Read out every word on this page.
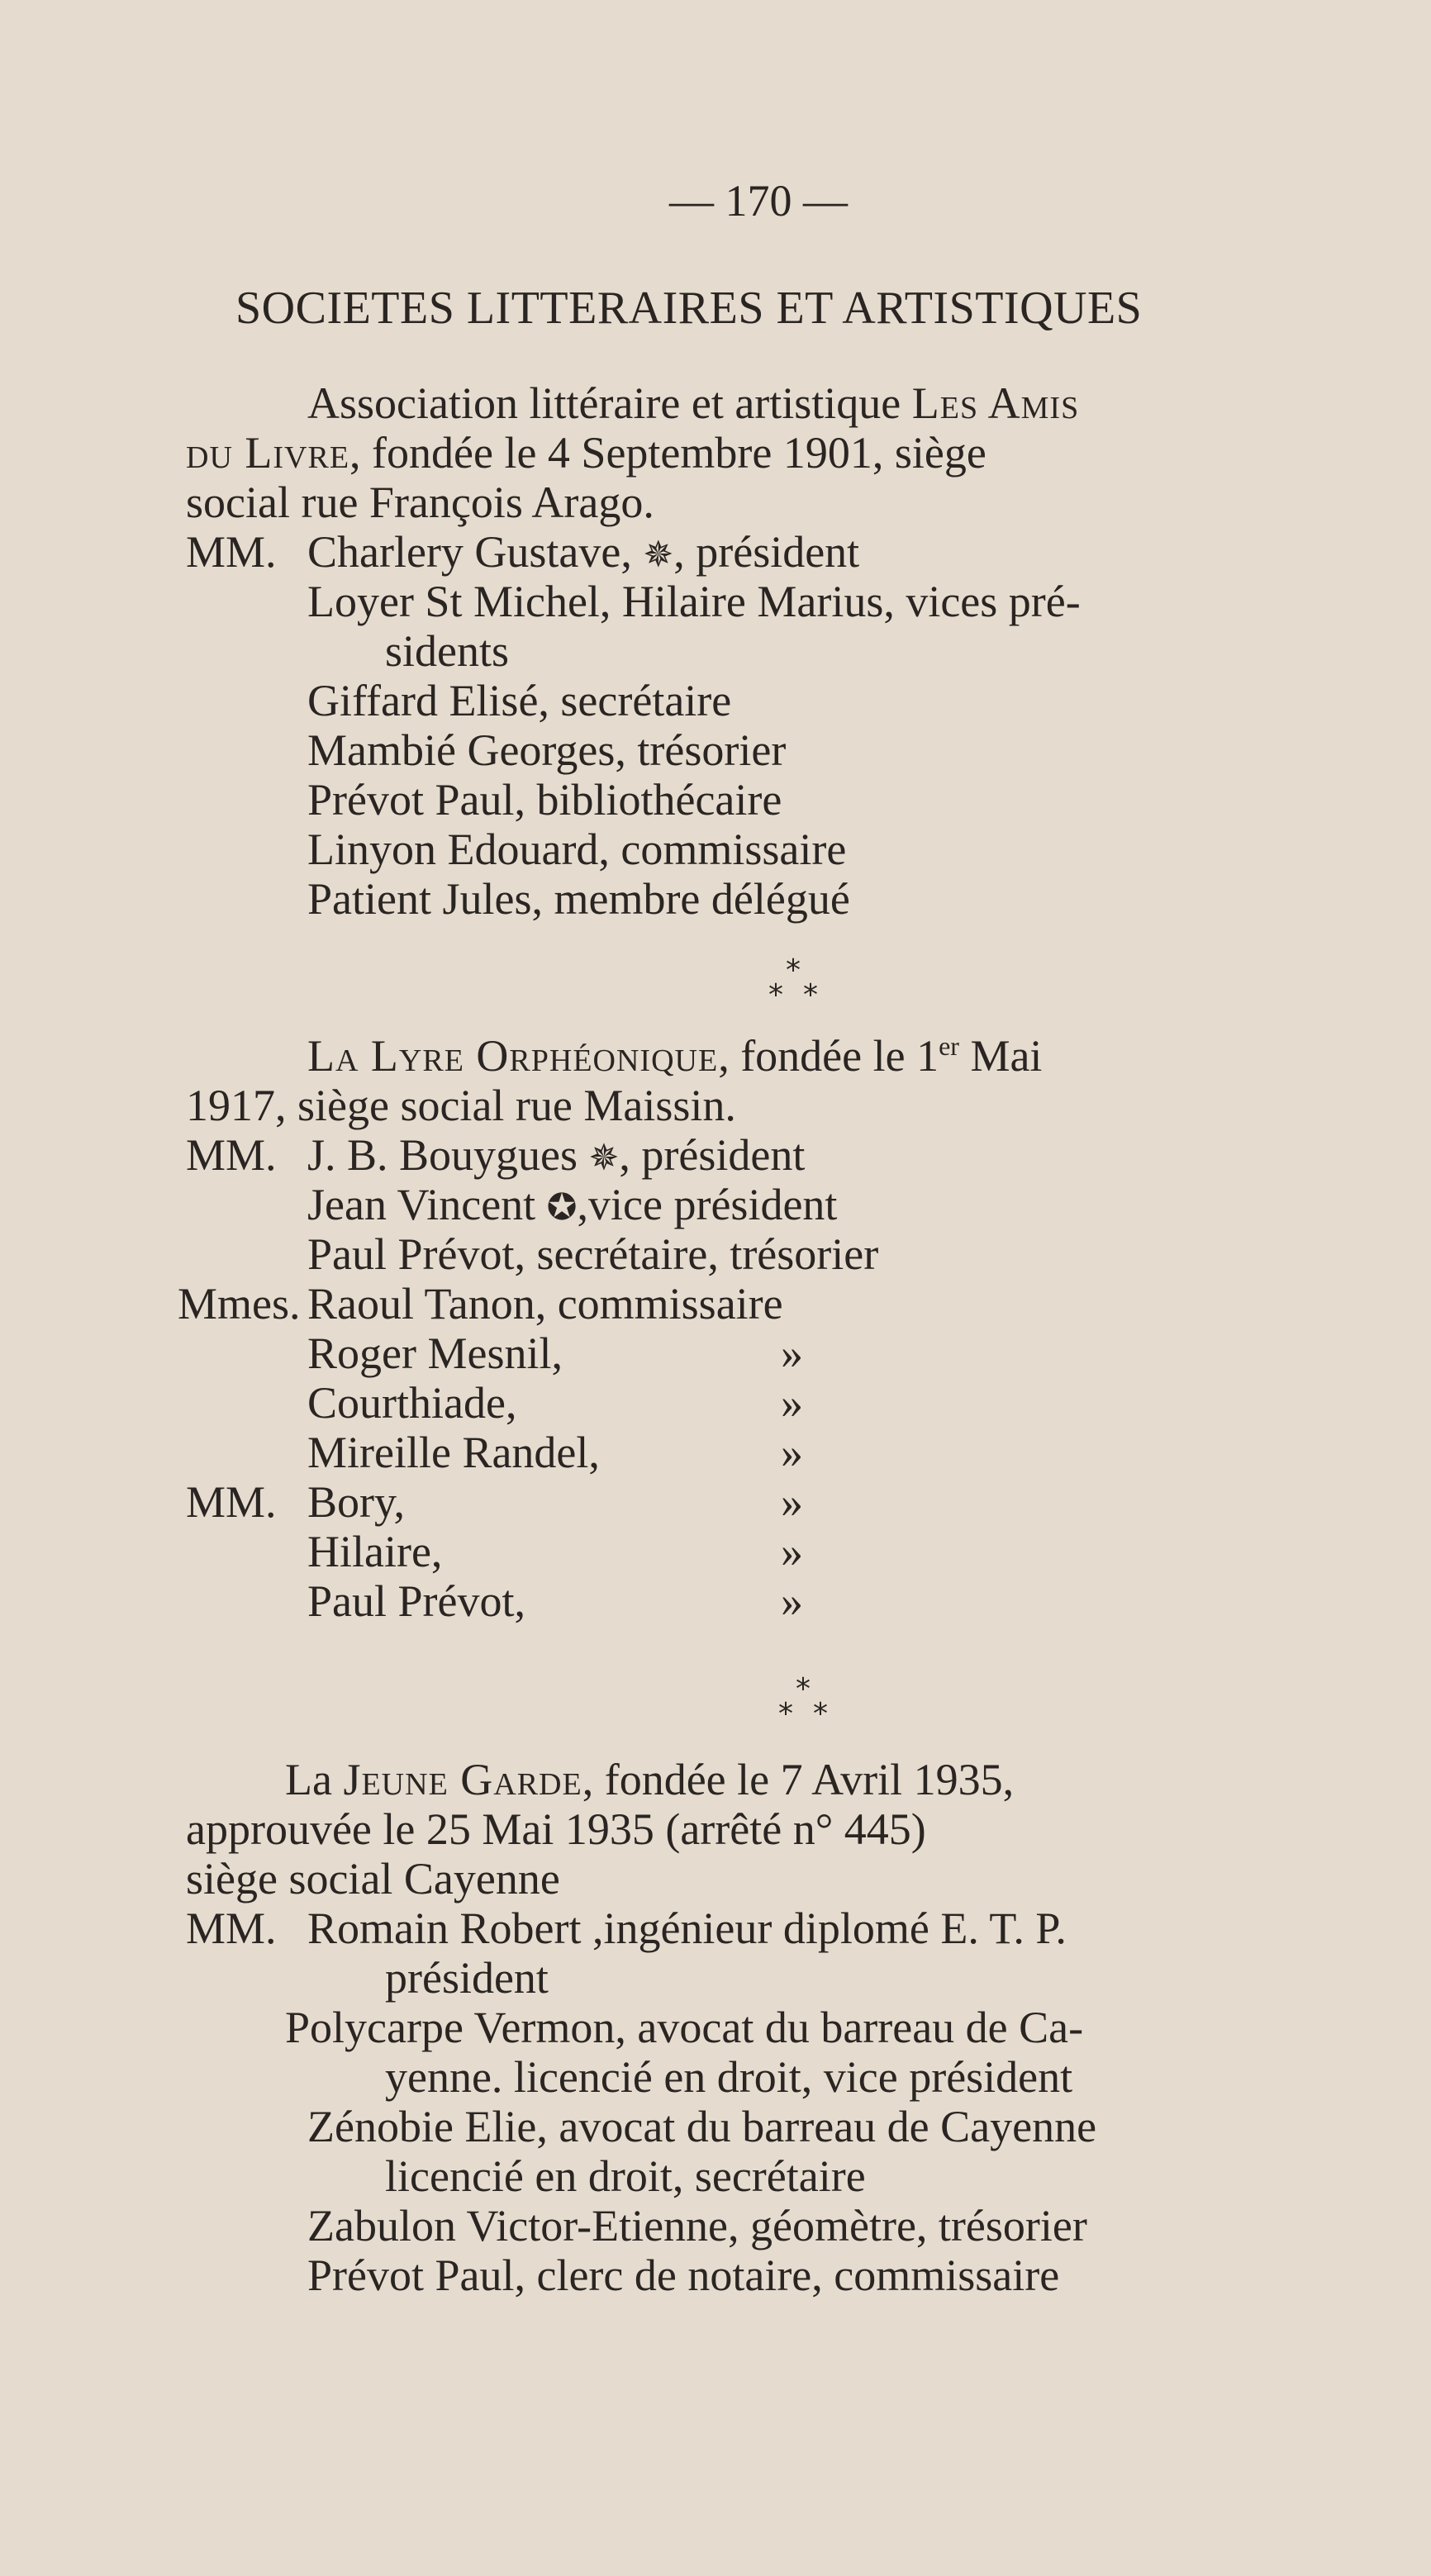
— 170 —
SOCIETES LITTERAIRES ET ARTISTIQUES
Association littéraire et artistique Les Amis
du Livre, fondée le 4 Septembre 1901, siège
social rue François Arago.
MM. Charlery Gustave, ✵, président
Loyer St Michel, Hilaire Marius, vices pré-
sidents
Giffard Elisé, secrétaire
Mambié Georges, trésorier
Prévot Paul, bibliothécaire
Linyon Edouard, commissaire
Patient Jules, membre délégué
*
**
La Lyre Orphéonique, fondée le 1er Mai
1917, siège social rue Maissin.
MM. J. B. Bouygues ✵, président
Jean Vincent ✪,vice président
Paul Prévot, secrétaire, trésorier
Mmes. Raoul Tanon, commissaire
Roger Mesnil,	»
Courthiade,	»
Mireille Randel,	»
MM. Bory,	»
Hilaire,	»
Paul Prévot,	»
*
**
La Jeune Garde, fondée le 7 Avril 1935,
approuvée le 25 Mai 1935 (arrêté n° 445)
siège social Cayenne
MM. Romain Robert ,ingénieur diplomé E. T. P.
président
Polycarpe Vermon, avocat du barreau de Ca-
yenne. licencié en droit, vice président
Zénobie Elie, avocat du barreau de Cayenne
licencié en droit, secrétaire
Zabulon Victor-Etienne, géomètre, trésorier
Prévot Paul, clerc de notaire, commissaire
